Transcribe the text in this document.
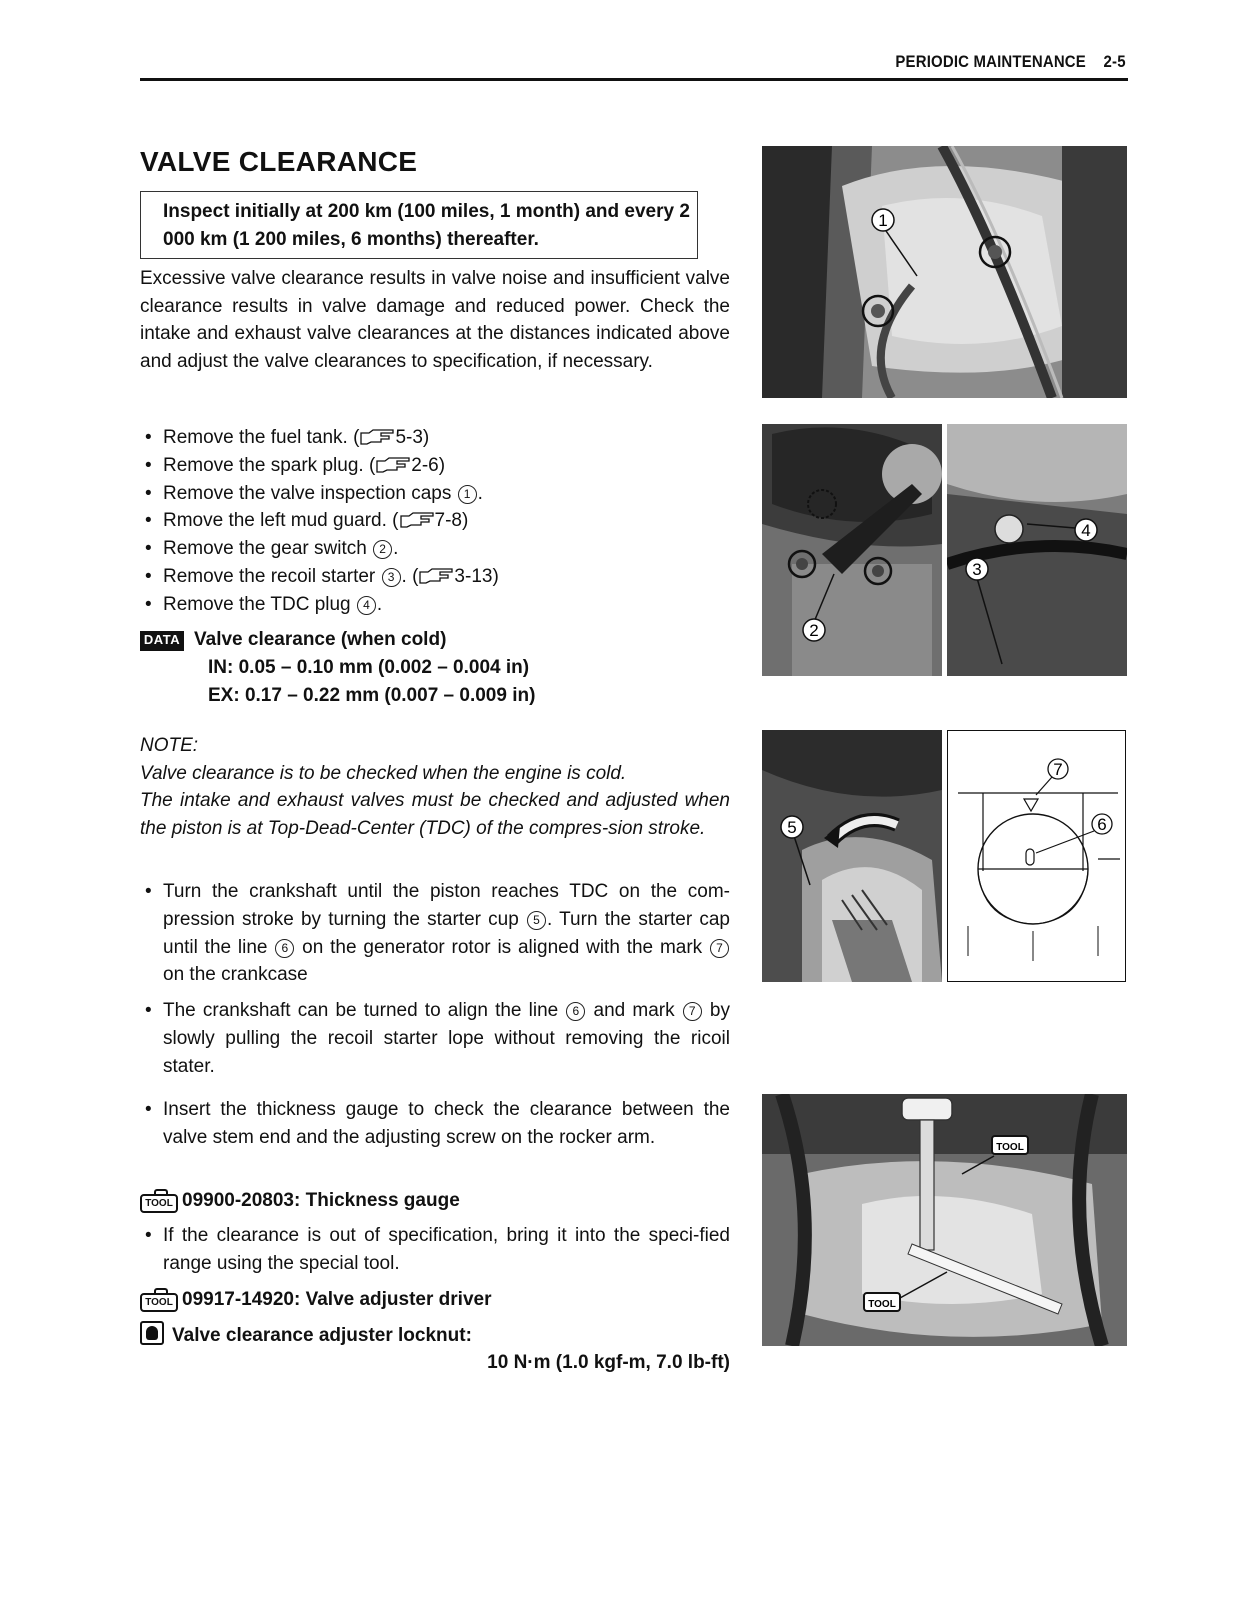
PERIODIC MAINTENANCE 2-5
VALVE CLEARANCE
Inspect initially at 200 km (100 miles, 1 month) and every 2 000 km (1 200 miles, 6 months) thereafter.
Excessive valve clearance results in valve noise and insufficient valve clearance results in valve damage and reduced power. Check the intake and exhaust valve clearances at the distances indicated above and adjust the valve clearances to specification, if necessary.
• Remove the fuel tank. ( 5-3)
• Remove the spark plug. ( 2-6)
• Remove the valve inspection caps 1 .
• Rmove the left mud guard. ( 7-8)
• Remove the gear switch 2 .
• Remove the recoil starter 3 . ( 3-13)
• Remove the TDC plug 4 .
DATA Valve clearance (when cold)
IN: 0.05 – 0.10 mm (0.002 – 0.004 in)
EX: 0.17 – 0.22 mm (0.007 – 0.009 in)
NOTE:
Valve clearance is to be checked when the engine is cold.
The intake and exhaust valves must be checked and adjusted when the piston is at Top-Dead-Center (TDC) of the compres-sion stroke.
• Turn the crankshaft until the piston reaches TDC on the com-pression stroke by turning the starter cup 5 . Turn the starter cap until the line 6 on the generator rotor is aligned with the mark 7 on the crankcase
• The crankshaft can be turned to align the line 6 and mark 7 by slowly pulling the recoil starter lope without removing the ricoil stater.
• Insert the thickness gauge to check the clearance between the valve stem end and the adjusting screw on the rocker arm.
TOOL 09900-20803: Thickness gauge
• If the clearance is out of specification, bring it into the speci-fied range using the special tool.
TOOL 09917-14920: Valve adjuster driver
Valve clearance adjuster locknut:
10 N·m (1.0 kgf-m, 7.0 lb-ft)
1
2
4
3
5
7
6
TOOL
TOOL
